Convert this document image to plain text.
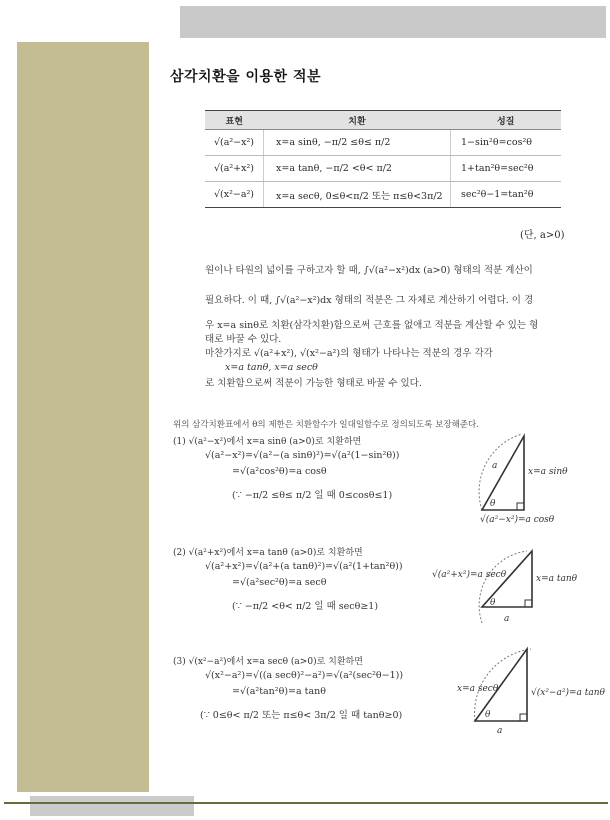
삼각치환을 이용한 적분
표현	치환	성질
√(a²−x²)	x=a sinθ, −π/2 ≤θ≤ π/2	1−sin²θ=cos²θ
√(a²+x²)	x=a tanθ, −π/2 <θ< π/2	1+tan²θ=sec²θ
√(x²−a²)	x=a secθ, 0≤θ<π/2 또는 π≤θ<3π/2	sec²θ−1=tan²θ
(단, a>0)
원이나 타원의 넓이를 구하고자 할 때, ∫√(a²−x²)dx (a>0) 형태의 적분 계산이
필요하다. 이 때, ∫√(a²−x²)dx 형태의 적분은 그 자체로 계산하기 어렵다. 이 경
우 x=a sinθ로 치환(삼각치환)함으로써 근호를 없애고 적분을 계산할 수 있는 형
태로 바꿀 수 있다.
마찬가지로 √(a²+x²), √(x²−a²)의 형태가 나타나는 적분의 경우 각각
x=a tanθ, x=a secθ
로 치환함으로써 적분이 가능한 형태로 바꿀 수 있다.
위의 삼각치환표에서 θ의 제한은 치환함수가 일대일함수로 정의되도록 보장해준다.
(1) √(a²−x²)에서 x=a sinθ (a>0)로 치환하면
√(a²−x²)=√(a²−(a sinθ)²)=√(a²(1−sin²θ))
=√(a²cos²θ)=a cosθ
(∵ −π/2 ≤θ≤ π/2 일 때 0≤cosθ≤1)
a
x=a sinθ
√(a²−x²)=a cosθ
θ
(2) √(a²+x²)에서 x=a tanθ (a>0)로 치환하면
√(a²+x²)=√(a²+(a tanθ)²)=√(a²(1+tan²θ))
=√(a²sec²θ)=a secθ
(∵ −π/2 <θ< π/2 일 때 secθ≥1)
√(a²+x²)=a secθ	x=a tanθ
a
θ
(3) √(x²−a²)에서 x=a secθ (a>0)로 치환하면
√(x²−a²)=√((a secθ)²−a²)=√(a²(sec²θ−1))
=√(a²tan²θ)=a tanθ
(∵ 0≤θ< π/2 또는 π≤θ< 3π/2 일 때 tanθ≥0)
x=a secθ	√(x²−a²)=a tanθ
a
θ
